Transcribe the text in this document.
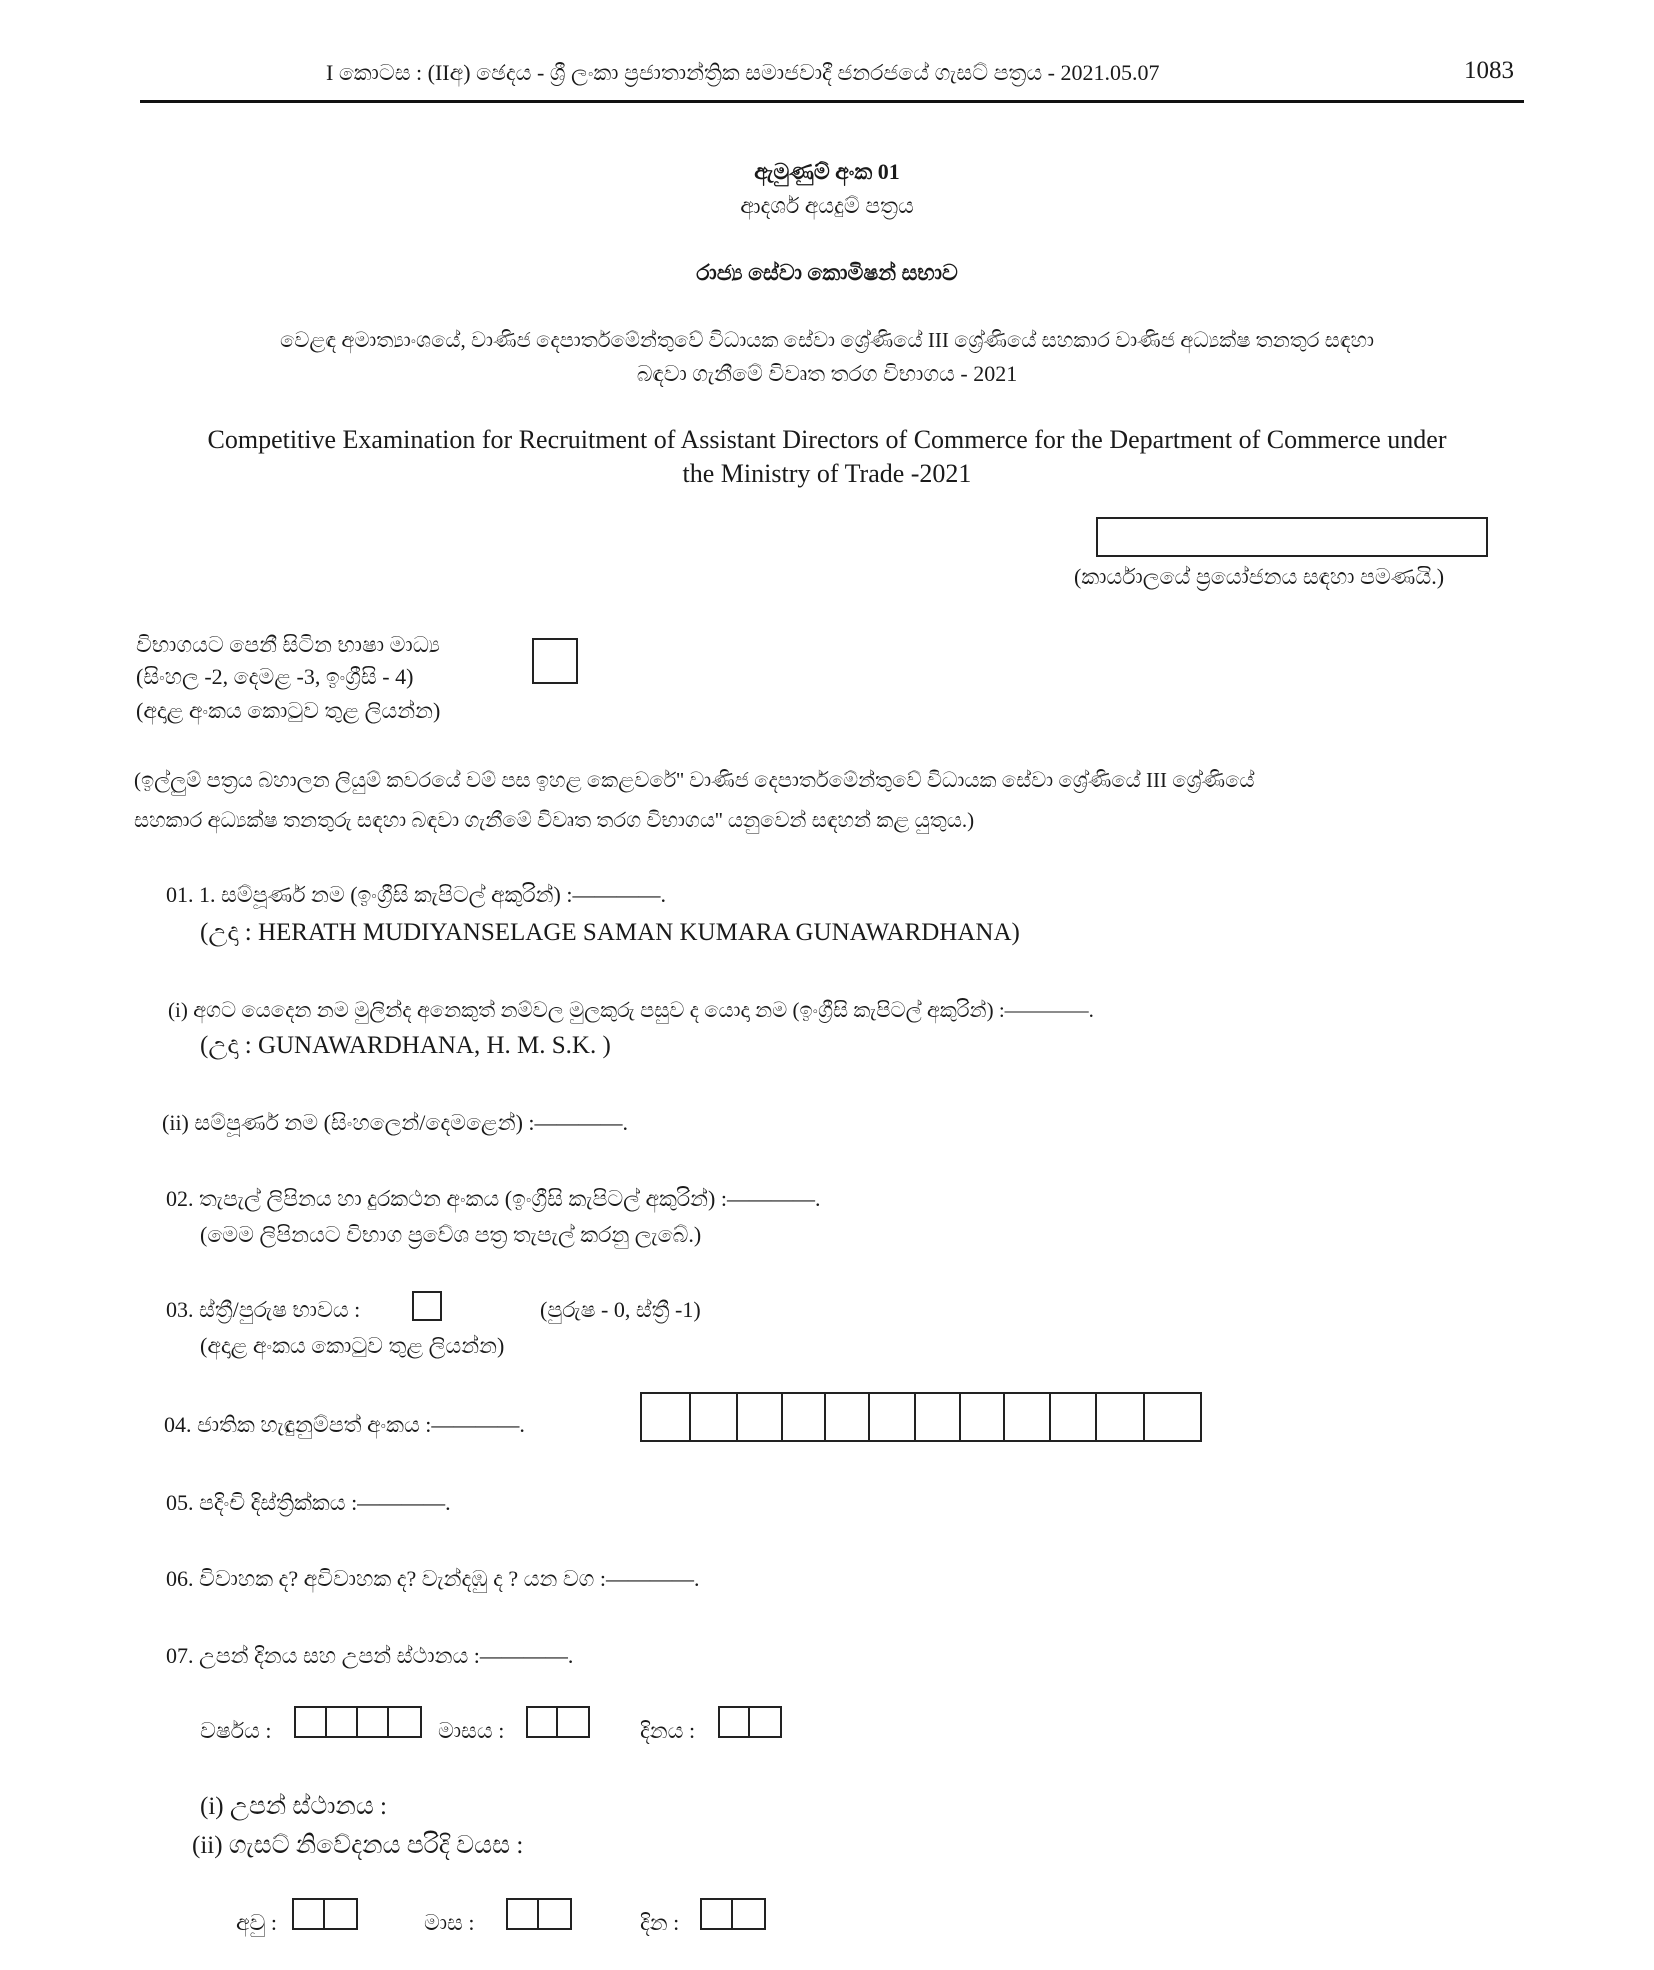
I කොටස : (IIඅ) ඡෙදය - ශ්‍රී ලංකා ප්‍රජාතාන්ත්‍රික සමාජවාදී ජනරජයේ ගැසට් පත්‍රය - 2021.05.07	1083
ඇමුණුම් අංක 01
ආදර්ශ අයදුම් පත්‍රය
රාජ්‍ය සේවා කොමිෂන් සභාව
වෙළඳ අමාත්‍යාංශයේ, වාණිජ දෙපාර්තමේන්තුවේ විධායක සේවා ශ්‍රේණියේ III ශ්‍රේණියේ සහකාර වාණිජ අධ්‍යක්ෂ තනතුර සඳහා
බඳවා ගැනීමේ විවෘත තරග විභාගය - 2021
Competitive Examination for Recruitment of Assistant Directors of Commerce for the Department of Commerce under
the Ministry of Trade -2021
(කාර්යාලයේ ප්‍රයෝජනය සඳහා පමණයි.)
විභාගයට පෙනී සිටින භාෂා මාධ්‍ය
(සිංහල -2, දෙමළ -3, ඉංග්‍රීසි - 4)
(අදාළ අංකය කොටුව තුළ ලියන්න)
(ඉල්ලුම් පත්‍රය බහාලන ලියුම් කවරයේ වම් පස ඉහළ කෙළවරේ'' වාණිජ දෙපාර්තමේන්තුවේ විධායක සේවා ශ්‍රේණියේ III ශ්‍රේණියේ
සහකාර අධ්‍යක්ෂ තනතුරු සඳහා බඳවා ගැනීමේ විවෘත තරග විභාගය'' යනුවෙන් සඳහන් කළ යුතුය.)
01. 1. සම්පූර්ණ නම (ඉංග්‍රීසි කැපිටල් අකුරින්) :————.
(උදා : HERATH MUDIYANSELAGE SAMAN KUMARA GUNAWARDHANA)
(i) අගට යෙදෙන නම මුලින්ද අනෙකුත් නම්වල මුලකුරු පසුව ද යොදා නම (ඉංග්‍රීසි කැපිටල් අකුරින්) :————.
(උදා : GUNAWARDHANA, H. M. S.K. )
(ii) සම්පූර්ණ නම (සිංහලෙන්/දෙමළෙන්) :————.
02. තැපැල් ලිපිනය හා දුරකථන අංකය (ඉංග්‍රීසි කැපිටල් අකුරින්) :————.
(මෙම ලිපිනයට විභාග ප්‍රවේශ පත්‍ර තැපැල් කරනු ලැබේ.)
03. ස්ත්‍රී/පුරුෂ භාවය :	(පුරුෂ - 0, ස්ත්‍රී -1)
(අදාළ අංකය කොටුව තුළ ලියන්න)
04. ජාතික හැඳුනුම්පත් අංකය :————.
05. පදිංචි දිස්ත්‍රික්කය :————.
06. විවාහක ද? අවිවාහක ද? වැන්දඹු ද ? යන වග :————.
07. උපන් දිනය සහ උපන් ස්ථානය :————.
වර්ෂය :	මාසය :	දිනය :
(i) උපන් ස්ථානය :
(ii) ගැසට් නිවේදනය පරිදි වයස :
අවු :	මාස :	දින :
